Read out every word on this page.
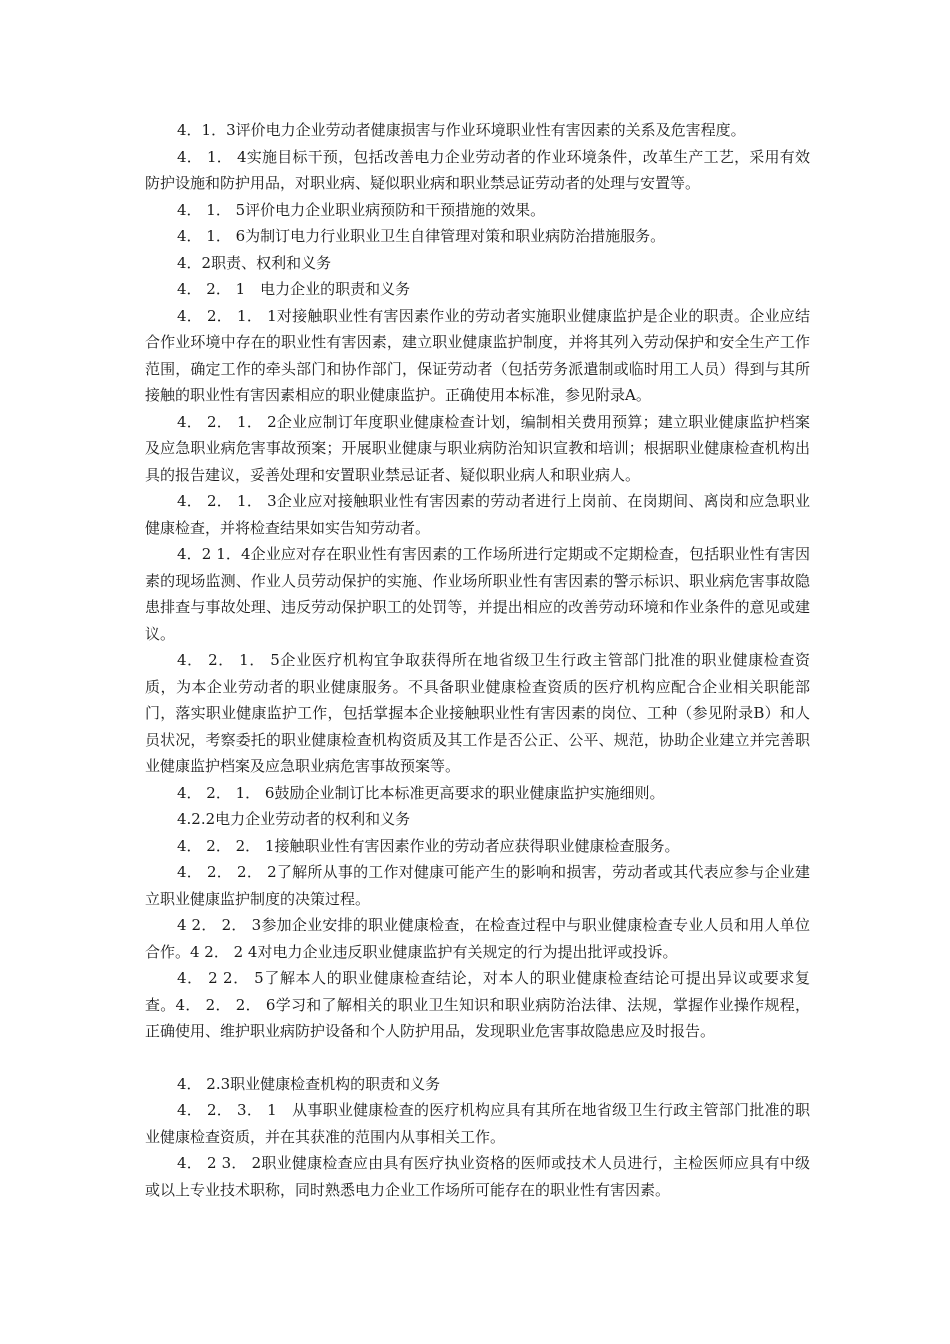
4．1．3评价电力企业劳动者健康损害与作业环境职业性有害因素的关系及危害程度。

4． 1． 4实施目标干预，包括改善电力企业劳动者的作业环境条件，改革生产工艺，采用有效防护设施和防护用品，对职业病、疑似职业病和职业禁忌证劳动者的处理与安置等。

4． 1． 5评价电力企业职业病预防和干预措施的效果。

4． 1． 6为制订电力行业职业卫生自律管理对策和职业病防治措施服务。

4．2职责、权利和义务

4． 2． 1　电力企业的职责和义务

4． 2． 1． 1对接触职业性有害因素作业的劳动者实施职业健康监护是企业的职责。企业应结合作业环境中存在的职业性有害因素，建立职业健康监护制度，并将其列入劳动保护和安全生产工作范围，确定工作的牵头部门和协作部门，保证劳动者（包括劳务派遣制或临时用工人员）得到与其所接触的职业性有害因素相应的职业健康监护。正确使用本标准，参见附录A。

4． 2． 1． 2企业应制订年度职业健康检查计划，编制相关费用预算；建立职业健康监护档案及应急职业病危害事故预案；开展职业健康与职业病防治知识宣教和培训；根据职业健康检查机构出具的报告建议，妥善处理和安置职业禁忌证者、疑似职业病人和职业病人。

4． 2． 1． 3企业应对接触职业性有害因素的劳动者进行上岗前、在岗期间、离岗和应急职业健康检查，并将检查结果如实告知劳动者。

4．2 1．4企业应对存在职业性有害因素的工作场所进行定期或不定期检查，包括职业性有害因素的现场监测、作业人员劳动保护的实施、作业场所职业性有害因素的警示标识、职业病危害事故隐患排查与事故处理、违反劳动保护职工的处罚等，并提出相应的改善劳动环境和作业条件的意见或建议。

4． 2． 1． 5企业医疗机构宜争取获得所在地省级卫生行政主管部门批准的职业健康检查资质，为本企业劳动者的职业健康服务。不具备职业健康检查资质的医疗机构应配合企业相关职能部门，落实职业健康监护工作，包括掌握本企业接触职业性有害因素的岗位、工种（参见附录B）和人员状况，考察委托的职业健康检查机构资质及其工作是否公正、公平、规范，协助企业建立并完善职业健康监护档案及应急职业病危害事故预案等。

4． 2． 1． 6鼓励企业制订比本标准更高要求的职业健康监护实施细则。

4.2.2电力企业劳动者的权利和义务

4． 2． 2． 1接触职业性有害因素作业的劳动者应获得职业健康检查服务。

4． 2． 2． 2了解所从事的工作对健康可能产生的影响和损害，劳动者或其代表应参与企业建立职业健康监护制度的决策过程。

4 2． 2． 3参加企业安排的职业健康检查，在检查过程中与职业健康检查专业人员和用人单位合作。4 2． 2 4对电力企业违反职业健康监护有关规定的行为提出批评或投诉。

4． 2 2． 5了解本人的职业健康检查结论，对本人的职业健康检查结论可提出异议或要求复查。4． 2． 2． 6学习和了解相关的职业卫生知识和职业病防治法律、法规，掌握作业操作规程，正确使用、维护职业病防护设备和个人防护用品，发现职业危害事故隐患应及时报告。

4． 2.3职业健康检查机构的职责和义务

4． 2． 3． 1　从事职业健康检查的医疗机构应具有其所在地省级卫生行政主管部门批准的职业健康检查资质，并在其获准的范围内从事相关工作。

4． 2 3． 2职业健康检查应由具有医疗执业资格的医师或技术人员进行，主检医师应具有中级或以上专业技术职称，同时熟悉电力企业工作场所可能存在的职业性有害因素。
